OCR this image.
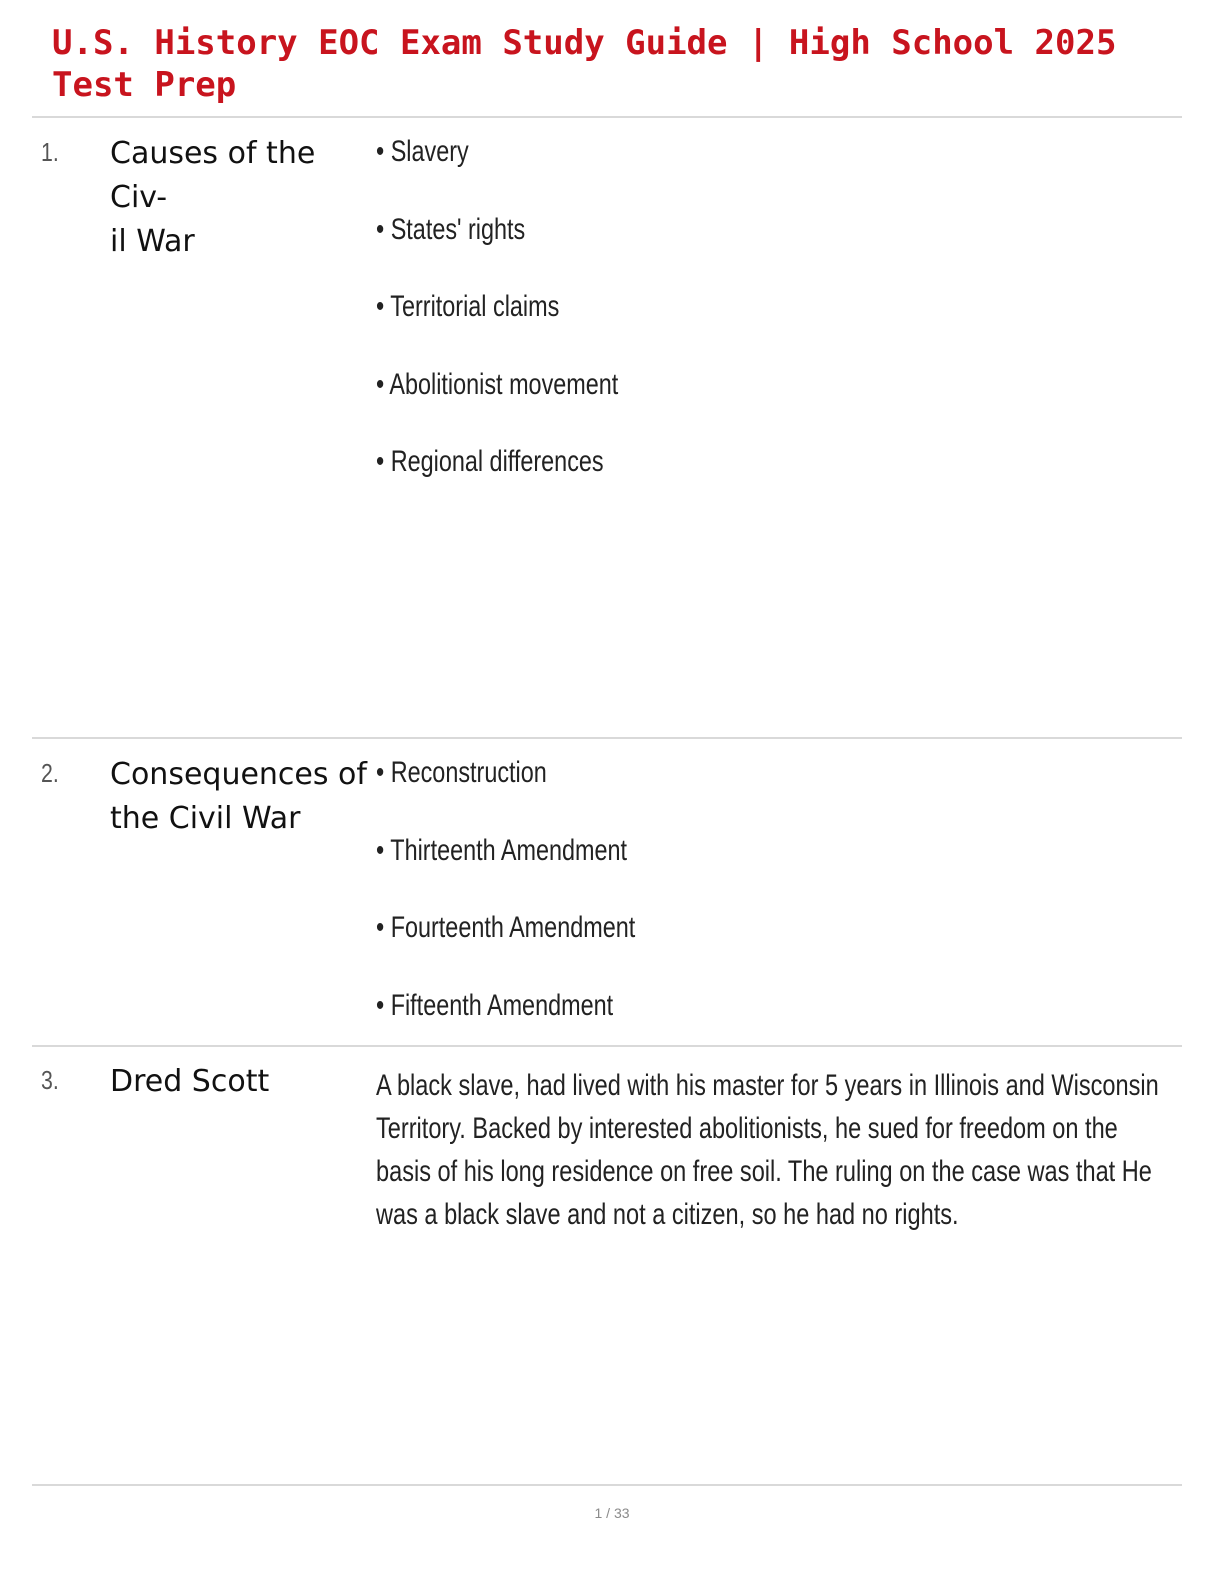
U.S. History EOC Exam Study Guide | High School 2025 Test Prep
1. Causes of the Civ-
il War
• Slavery
• States' rights
• Territorial claims
• Abolitionist movement
• Regional differences
2. Consequences of the Civil War
• Reconstruction
• Thirteenth Amendment
• Fourteenth Amendment
• Fifteenth Amendment
3. Dred Scott	A black slave, had lived with his master for 5 years in Illinois and Wisconsin Territory. Backed by interested abolitionists, he sued for freedom on the basis of his long residence on free soil. The ruling on the case was that He was a black slave and not a citizen, so he had no rights.
1 / 33
